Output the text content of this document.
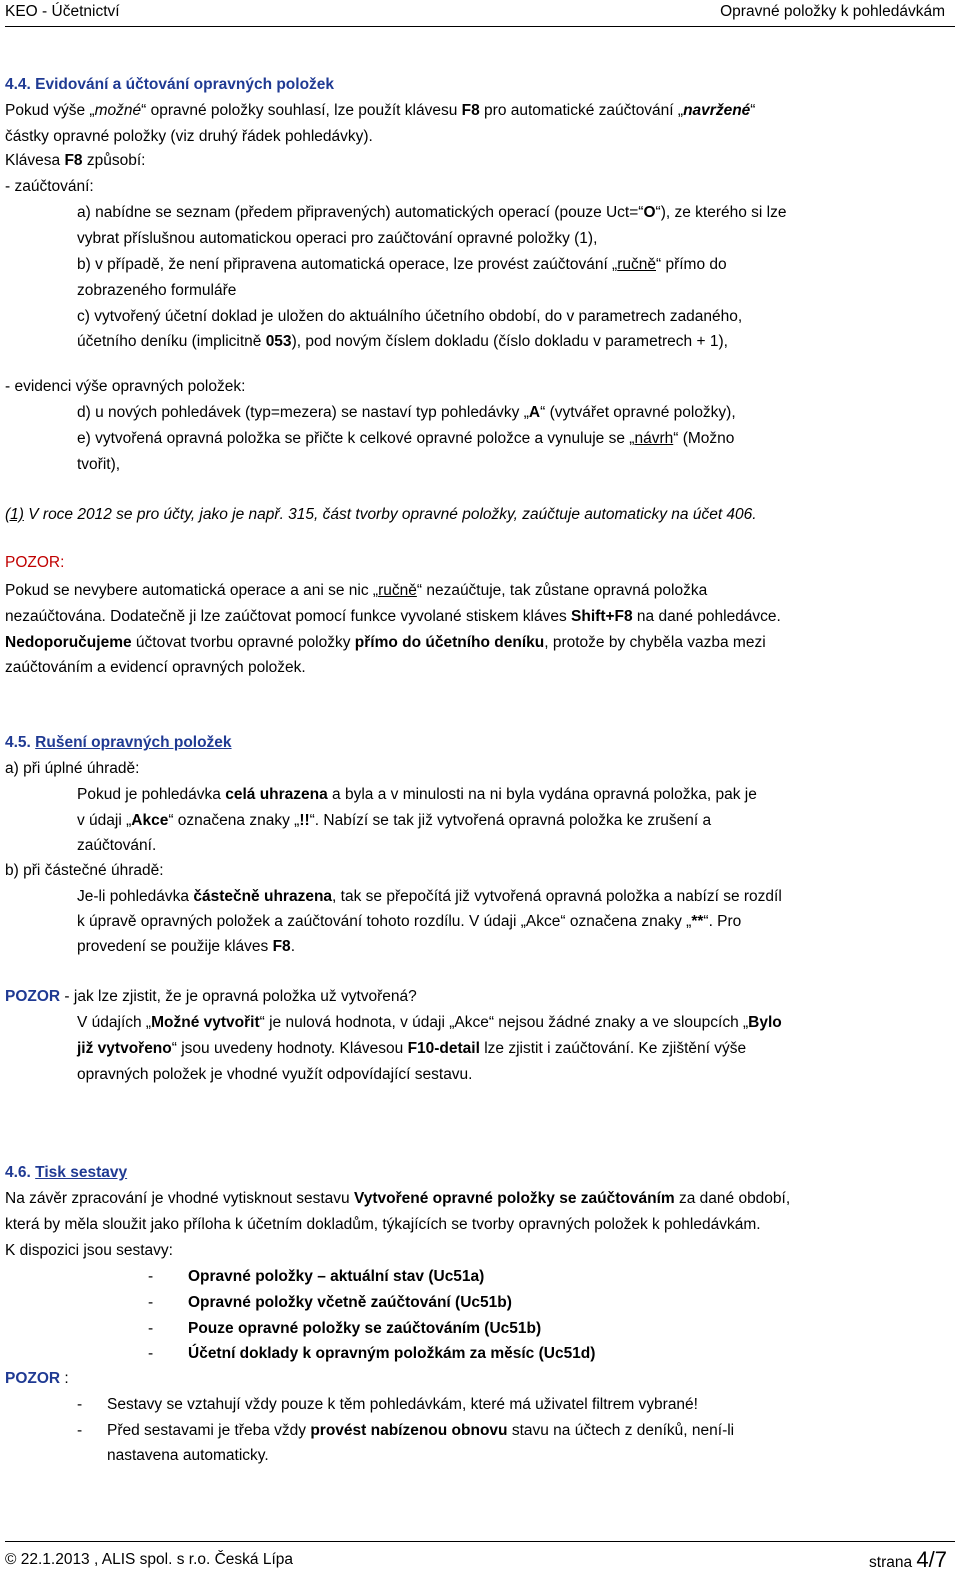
KEO - Účetnictví	Opravné položky k pohledávkám
4.4. Evidování a účtování opravných položek
Pokud výše „možné“ opravné položky souhlasí, lze použít klávesu F8 pro automatické zaúčtování „navržené“
částky opravné položky (viz druhý řádek pohledávky).
Klávesa F8 způsobí:
- zaúčtování:
a) nabídne se seznam (předem připravených) automatických operací (pouze Uct=“O“), ze kterého si lze
vybrat příslušnou automatickou operaci pro zaúčtování opravné položky (1),
b) v případě, že není připravena automatická operace, lze provést zaúčtování „ručně“ přímo do
zobrazeného formuláře
c) vytvořený účetní doklad je uložen do aktuálního účetního období, do v parametrech zadaného,
účetního deníku (implicitně 053), pod novým číslem dokladu (číslo dokladu v parametrech + 1),
- evidenci výše opravných položek:
d) u nových pohledávek (typ=mezera) se nastaví typ pohledávky „A“ (vytvářet opravné položky),
e) vytvořená opravná položka se přičte k celkové opravné položce a vynuluje se „návrh“ (Možno
tvořit),
(1) V roce 2012 se pro účty, jako je např. 315, část tvorby opravné položky, zaúčtuje automaticky na účet 406.
POZOR:
Pokud se nevybere automatická operace a ani se nic „ručně“ nezaúčtuje, tak zůstane opravná položka
nezaúčtována. Dodatečně ji lze zaúčtovat pomocí funkce vyvolané stiskem kláves Shift+F8 na dané pohledávce.
Nedoporučujeme účtovat tvorbu opravné položky přímo do účetního deníku, protože by chyběla vazba mezi
zaúčtováním a evidencí opravných položek.
4.5. Rušení opravných položek
a) při úplné úhradě:
Pokud je pohledávka celá uhrazena a byla a v minulosti na ni byla vydána opravná položka, pak je
v údaji „Akce“ označena znaky „!!“. Nabízí se tak již vytvořená opravná položka ke zrušení a
zaúčtování.
b) při částečné úhradě:
Je-li pohledávka částečně uhrazena, tak se přepočítá již vytvořená opravná položka a nabízí se rozdíl
k úpravě opravných položek a zaúčtování tohoto rozdílu. V údaji „Akce“ označena znaky „**“. Pro
provedení se použije kláves F8.
POZOR - jak lze zjistit, že je opravná položka už vytvořená?
V údajích „Možné vytvořit“ je nulová hodnota, v údaji „Akce“ nejsou žádné znaky a ve sloupcích „Bylo
již vytvořeno“ jsou uvedeny hodnoty. Klávesou F10-detail lze zjistit i zaúčtování. Ke zjištění výše
opravných položek je vhodné využít odpovídající sestavu.
4.6. Tisk sestavy
Na závěr zpracování je vhodné vytisknout sestavu Vytvořené opravné položky se zaúčtováním za dané období,
která by měla sloužit jako příloha k účetním dokladům, týkajících se tvorby opravných položek k pohledávkám.
K dispozici jsou sestavy:
- Opravné položky – aktuální stav (Uc51a)
- Opravné položky včetně zaúčtování (Uc51b)
- Pouze opravné položky se zaúčtováním (Uc51b)
- Účetní doklady k opravným položkám za měsíc (Uc51d)
POZOR :
- Sestavy se vztahují vždy pouze k těm pohledávkám, které má uživatel filtrem vybrané!
- Před sestavami je třeba vždy provést nabízenou obnovu stavu na účtech z deníků, není-li
nastavena automaticky.
© 22.1.2013 , ALIS spol. s r.o. Česká Lípa	strana 4/7
